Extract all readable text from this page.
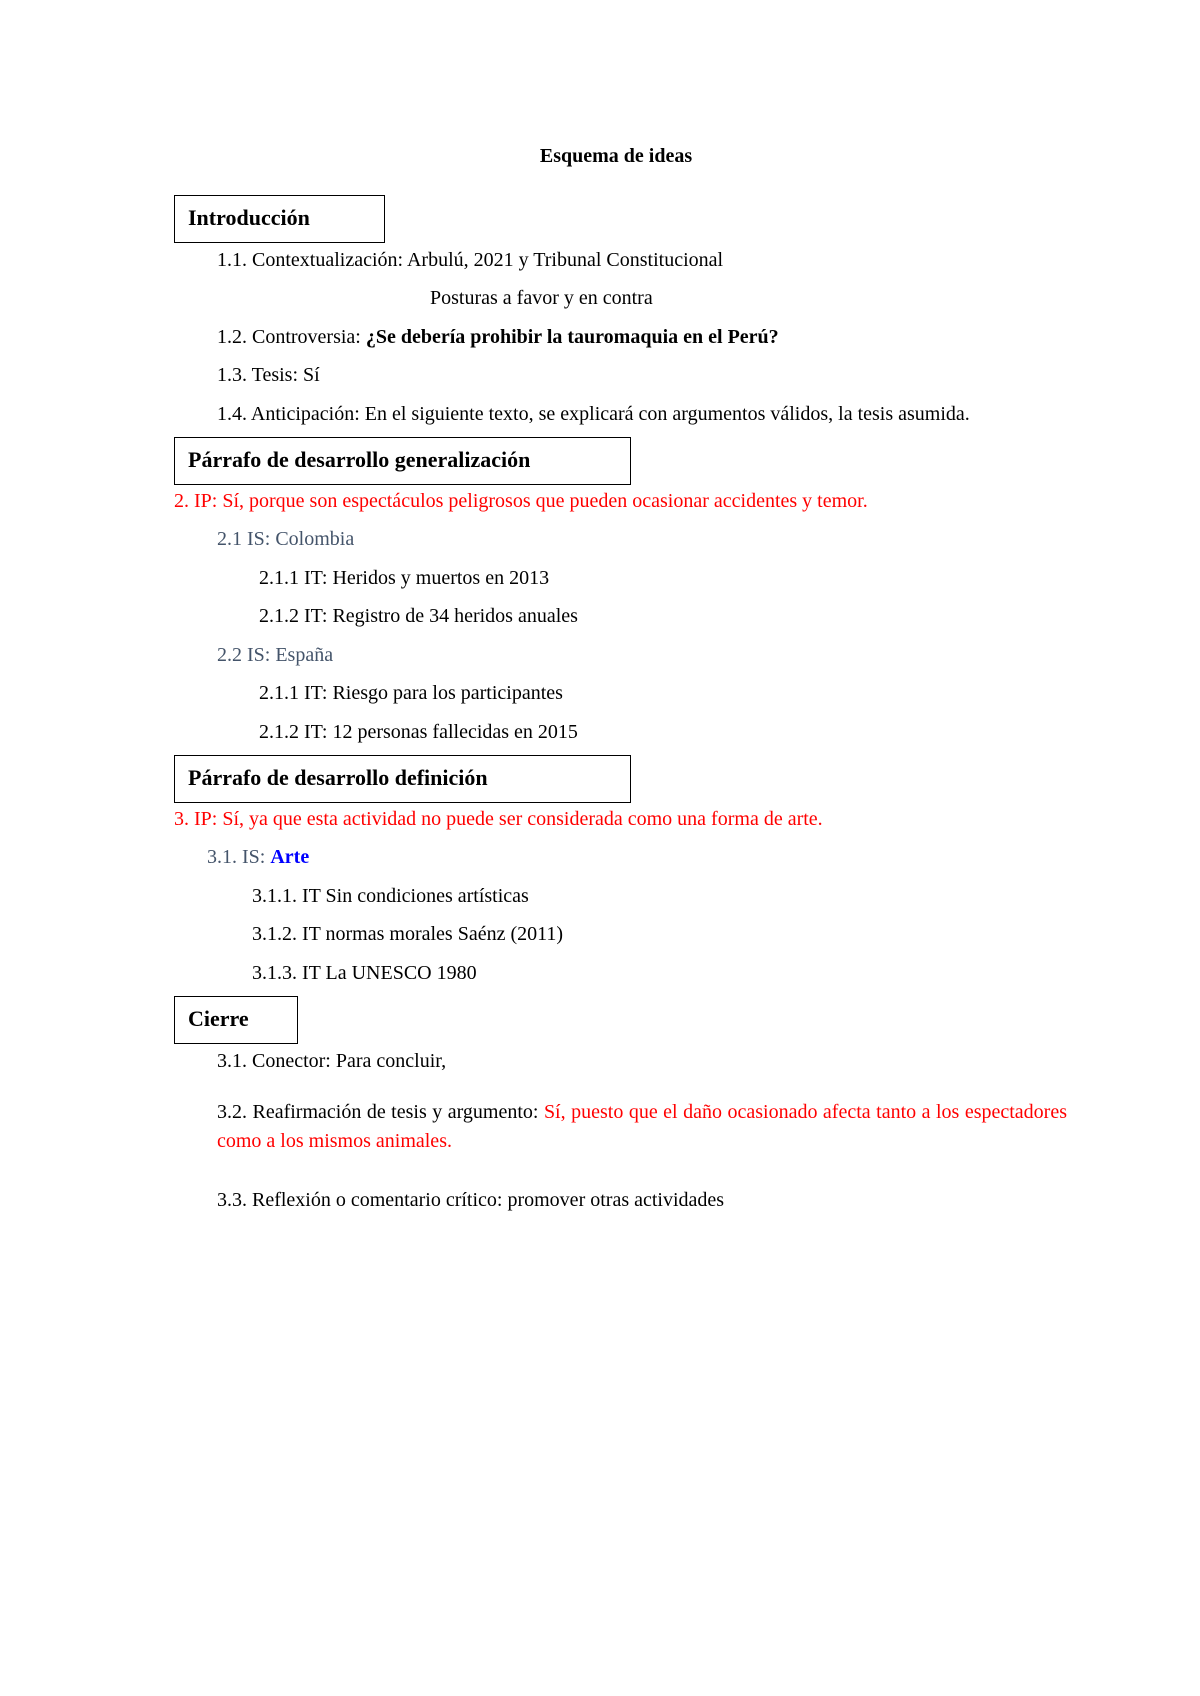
Esquema de ideas
Introducción
1.1. Contextualización: Arbulú, 2021 y Tribunal Constitucional
Posturas a favor y en contra
1.2. Controversia: ¿Se debería prohibir la tauromaquia en el Perú?
1.3. Tesis: Sí
1.4. Anticipación: En el siguiente texto, se explicará con argumentos válidos, la tesis asumida.
Párrafo de desarrollo generalización
2. IP: Sí, porque son espectáculos peligrosos que pueden ocasionar accidentes y temor.
2.1 IS: Colombia
2.1.1 IT: Heridos y muertos en 2013
2.1.2 IT: Registro de 34 heridos anuales
2.2 IS: España
2.1.1 IT: Riesgo para los participantes
2.1.2 IT: 12 personas fallecidas en 2015
Párrafo de desarrollo definición
3. IP: Sí, ya que esta actividad no puede ser considerada como una forma de arte.
3.1. IS: Arte
3.1.1. IT Sin condiciones artísticas
3.1.2. IT normas morales Saénz (2011)
3.1.3. IT La UNESCO 1980
Cierre
3.1. Conector: Para concluir,
3.2. Reafirmación de tesis y argumento: Sí, puesto que el daño ocasionado afecta tanto a los espectadores como a los mismos animales.
3.3. Reflexión o comentario crítico: promover otras actividades
